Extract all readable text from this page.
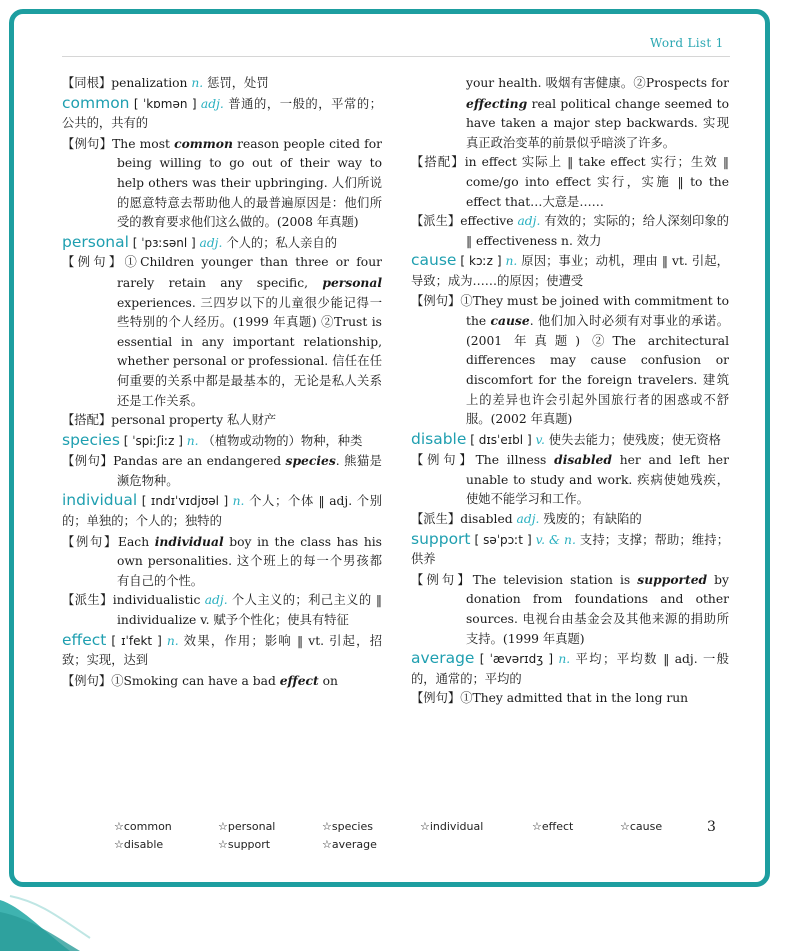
Word List 1

【同根】penalization n. 惩罚，处罚

common [ ˈkɒmən ] adj. 普通的，一般的，平常的；公共的，共有的

【例句】The most common reason people cited for being willing to go out of their way to help others was their upbringing. 人们所说的愿意特意去帮助他人的最普遍原因是：他们所受的教育要求他们这么做的。(2008 年真题)

personal [ ˈpɜːsənl ] adj. 个人的；私人亲自的

【例句】①Children younger than three or four rarely retain any specific, personal experiences. 三四岁以下的儿童很少能记得一些特别的个人经历。(1999 年真题) ②Trust is essential in any important relationship, whether personal or professional. 信任在任何重要的关系中都是最基本的，无论是私人关系还是工作关系。

【搭配】personal property 私人财产

species [ ˈspiːʃiːz ] n. （植物或动物的）物种，种类

【例句】Pandas are an endangered species. 熊猫是濒危物种。

individual [ ɪndɪˈvɪdjʊəl ] n. 个人；个体 ‖ adj. 个别的；单独的；个人的；独特的

【例句】Each individual boy in the class has his own personalities. 这个班上的每一个男孩都有自己的个性。

【派生】individualistic adj. 个人主义的；利己主义的 ‖ individualize v. 赋予个性化；使具有特征

effect [ ɪˈfekt ] n. 效果，作用；影响 ‖ vt. 引起，招致；实现，达到

【例句】①Smoking can have a bad effect on

your health. 吸烟有害健康。②Prospects for effecting real political change seemed to have taken a major step backwards. 实现真正政治变革的前景似乎暗淡了许多。

【搭配】in effect 实际上 ‖ take effect 实行；生效 ‖ come/go into effect 实行，实施 ‖ to the effect that…大意是……

【派生】effective adj. 有效的；实际的；给人深刻印象的 ‖ effectiveness n. 效力

cause [ kɔːz ] n. 原因；事业；动机，理由 ‖ vt. 引起，导致；成为……的原因；使遭受

【例句】①They must be joined with commitment to the cause. 他们加入时必须有对事业的承诺。(2001 年真题) ②The architectural differences may cause confusion or discomfort for the foreign travelers. 建筑上的差异也许会引起外国旅行者的困惑或不舒服。(2002 年真题)

disable [ dɪsˈeɪbl ] v. 使失去能力；使残废；使无资格

【例句】The illness disabled her and left her unable to study and work. 疾病使她残疾，使她不能学习和工作。

【派生】disabled adj. 残废的；有缺陷的

support [ səˈpɔːt ] v. & n. 支持；支撑；帮助；维持；供养

【例句】The television station is supported by donation from foundations and other sources. 电视台由基金会及其他来源的捐助所支持。(1999 年真题)

average [ ˈævərɪdʒ ] n. 平均；平均数 ‖ adj. 一般的，通常的；平均的

【例句】①They admitted that in the long run

☆common	☆personal	☆species
☆disable	☆support	☆average
☆individual	☆effect	☆cause	3
